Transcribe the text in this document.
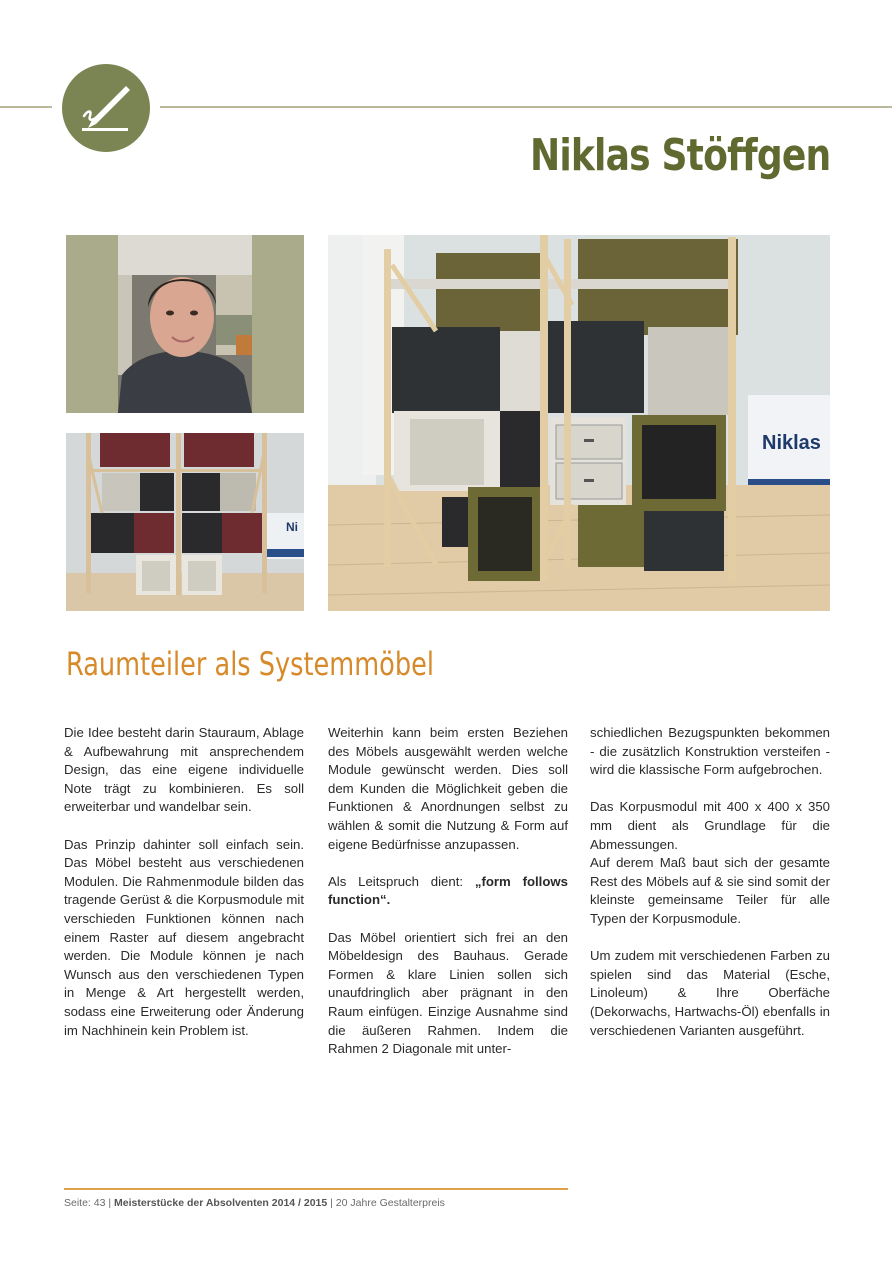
Niklas Stöffgen
Ni
Niklas
Raumteiler als Systemmöbel

Die Idee besteht darin Stauraum, Ablage & Aufbewahrung mit ansprechendem Design, das eine eigene individuelle Note trägt zu kombinieren. Es soll erweiterbar und wandelbar sein.

Das Prinzip dahinter soll einfach sein. Das Möbel besteht aus verschiedenen Modulen. Die Rahmenmodule bilden das tragende Gerüst & die Korpusmodule mit verschieden Funktionen können nach einem Raster auf diesem angebracht werden. Die Module können je nach Wunsch aus den verschiedenen Typen in Menge & Art hergestellt werden, sodass eine Erweiterung oder Änderung im Nachhinein kein Problem ist.

Weiterhin kann beim ersten Beziehen des Möbels ausgewählt werden welche Module gewünscht werden. Dies soll dem Kunden die Möglichkeit geben die Funktionen & Anordnungen selbst zu wählen & somit die Nutzung & Form auf eigene Bedürfnisse anzupassen.

Als Leitspruch dient: „form follows function“.

Das Möbel orientiert sich frei an den Möbeldesign des Bauhaus. Gerade Formen & klare Linien sollen sich unaufdringlich aber prägnant in den Raum einfügen. Einzige Ausnahme sind die äußeren Rahmen. Indem die Rahmen 2 Diagonale mit unter-

schiedlichen Bezugspunkten bekommen - die zusätzlich Konstruktion versteifen - wird die klassische Form aufgebrochen.

Das Korpusmodul mit 400 x 400 x 350 mm dient als Grundlage für die Abmessungen.

Auf derem Maß baut sich der gesamte Rest des Möbels auf & sie sind somit der kleinste gemeinsame Teiler für alle Typen der Korpusmodule.

Um zudem mit verschiedenen Farben zu spielen sind das Material (Esche, Linoleum) & Ihre Oberfäche (Dekorwachs, Hartwachs-Öl) ebenfalls in verschiedenen Varianten ausgeführt.

Seite: 43 | Meisterstücke der Absolventen 2014 / 2015 | 20 Jahre Gestalterpreis
